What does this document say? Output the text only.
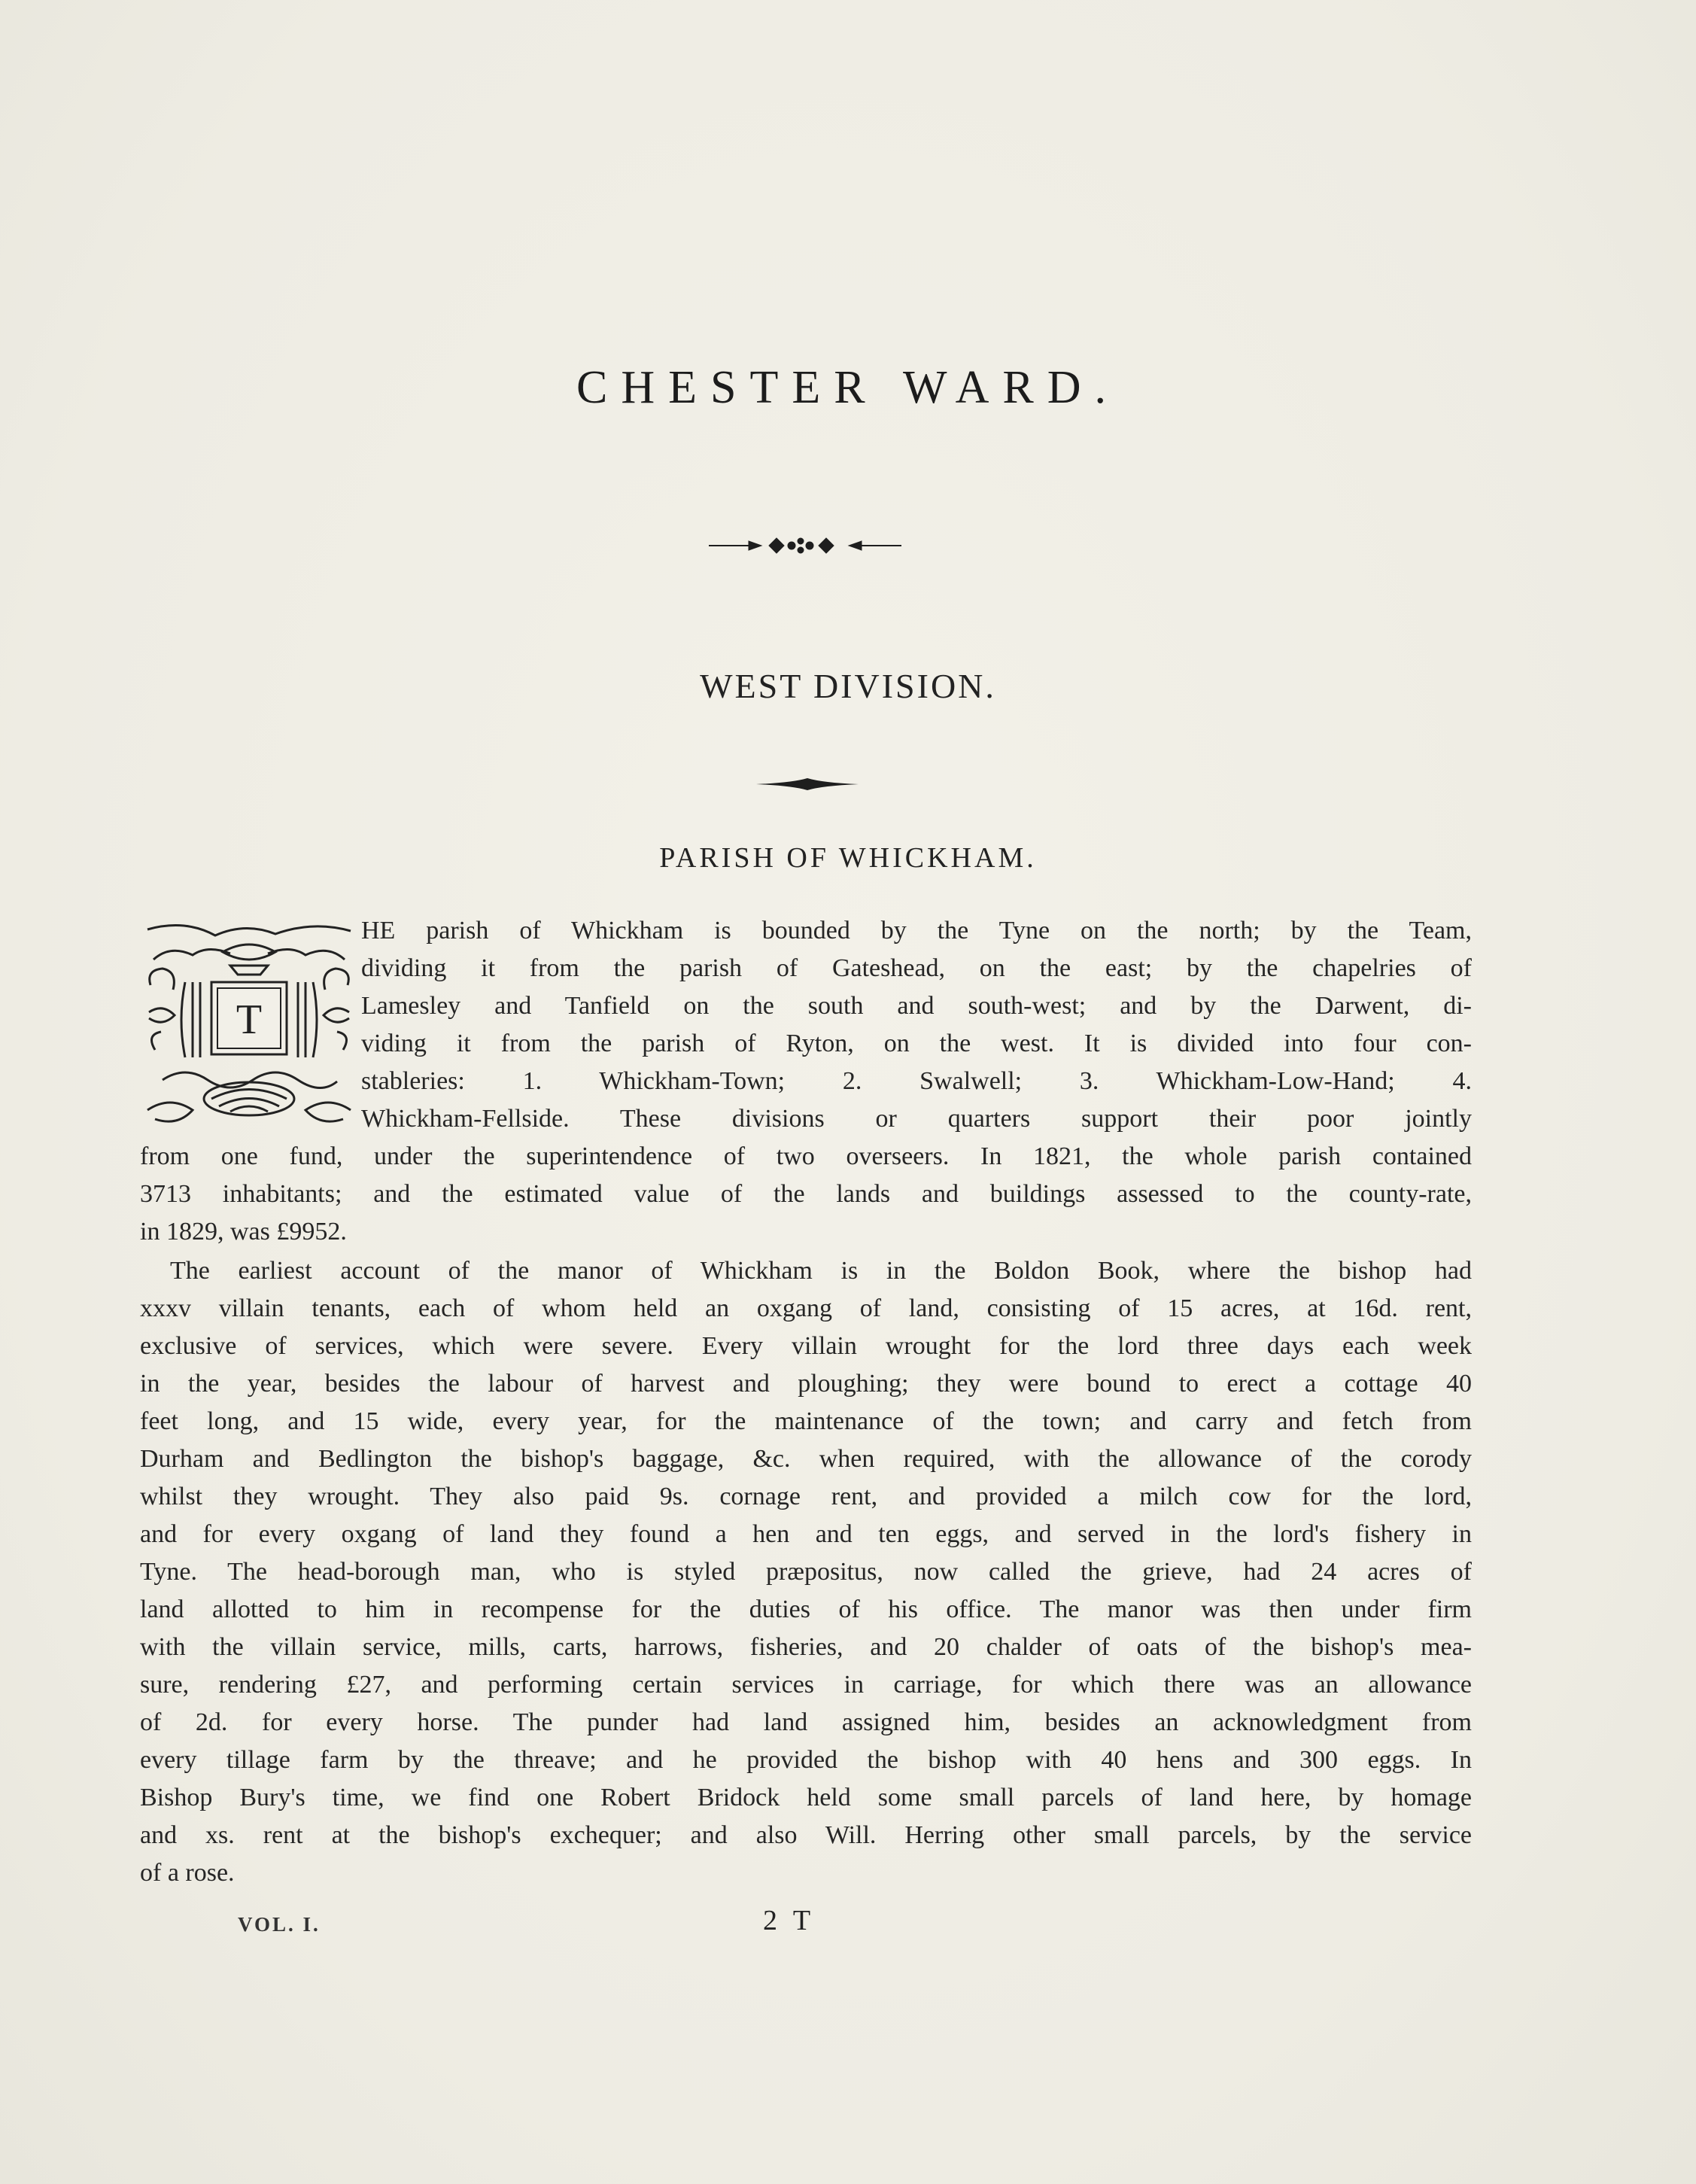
CHESTER WARD.
WEST DIVISION.
PARISH OF WHICKHAM.
T
HE parish of Whickham is bounded by the Tyne on the north; by the Team,
dividing it from the parish of Gateshead, on the east; by the chapelries of
Lamesley and Tanfield on the south and south-west; and by the Darwent, di-
viding it from the parish of Ryton, on the west. It is divided into four con-
stableries: 1. Whickham-Town; 2. Swalwell; 3. Whickham-Low-Hand; 4.
Whickham-Fellside. These divisions or quarters support their poor jointly
from one fund, under the superintendence of two overseers. In 1821, the whole parish contained
3713 inhabitants; and the estimated value of the lands and buildings assessed to the county-rate,
in 1829, was £9952.
The earliest account of the manor of Whickham is in the Boldon Book, where the bishop had
xxxv villain tenants, each of whom held an oxgang of land, consisting of 15 acres, at 16d. rent,
exclusive of services, which were severe. Every villain wrought for the lord three days each week
in the year, besides the labour of harvest and ploughing; they were bound to erect a cottage 40
feet long, and 15 wide, every year, for the maintenance of the town; and carry and fetch from
Durham and Bedlington the bishop's baggage, &c. when required, with the allowance of the corody
whilst they wrought. They also paid 9s. cornage rent, and provided a milch cow for the lord,
and for every oxgang of land they found a hen and ten eggs, and served in the lord's fishery in
Tyne. The head-borough man, who is styled præpositus, now called the grieve, had 24 acres of
land allotted to him in recompense for the duties of his office. The manor was then under firm
with the villain service, mills, carts, harrows, fisheries, and 20 chalder of oats of the bishop's mea-
sure, rendering £27, and performing certain services in carriage, for which there was an allowance
of 2d. for every horse. The punder had land assigned him, besides an acknowledgment from
every tillage farm by the threave; and he provided the bishop with 40 hens and 300 eggs. In
Bishop Bury's time, we find one Robert Bridock held some small parcels of land here, by homage
and xs. rent at the bishop's exchequer; and also Will. Herring other small parcels, by the service
of a rose.
VOL. I.	2 T
